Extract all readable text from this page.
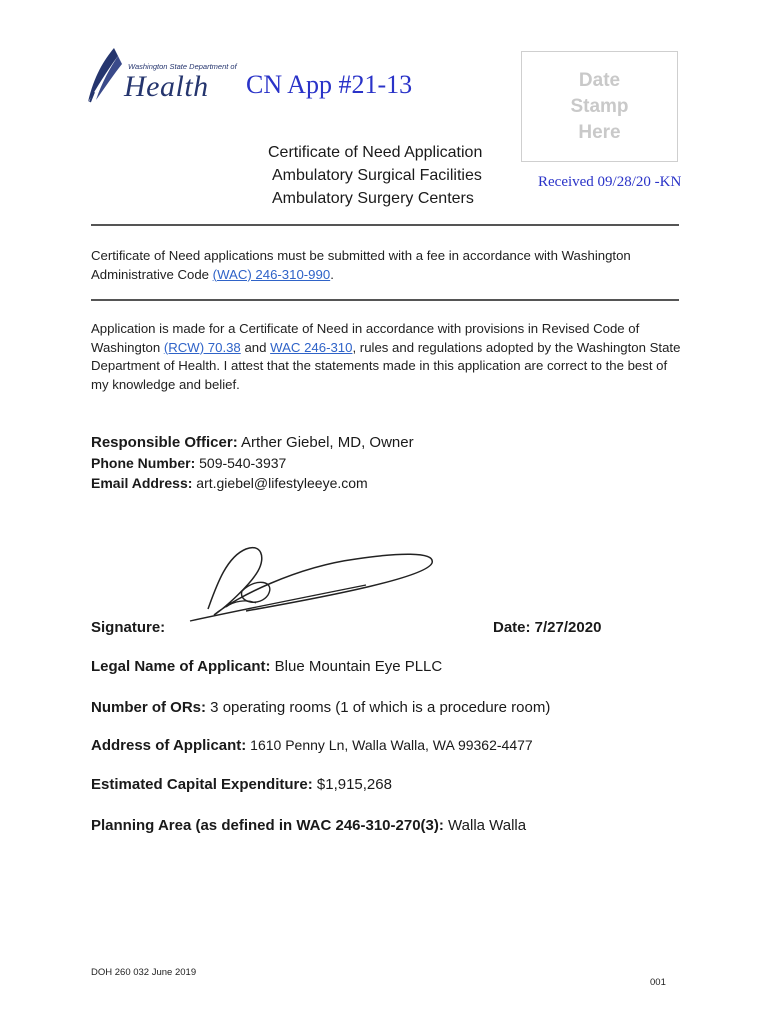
Washington State Department of
Health CN App #21-13	Date
Stamp
Here
Received 09/28/20 -KN
Certificate of Need Application
Ambulatory Surgical Facilities
Ambulatory Surgery Centers
Certificate of Need applications must be submitted with a fee in accordance with Washington Administrative Code (WAC) 246-310-990.
Application is made for a Certificate of Need in accordance with provisions in Revised Code of Washington (RCW) 70.38 and WAC 246-310, rules and regulations adopted by the Washington State Department of Health. I attest that the statements made in this application are correct to the best of my knowledge and belief.
Responsible Officer: Arther Giebel, MD, Owner
Phone Number: 509-540-3937
Email Address: art.giebel@lifestyleeye.com
Signature:	Date: 7/27/2020
Legal Name of Applicant: Blue Mountain Eye PLLC
Number of ORs: 3 operating rooms (1 of which is a procedure room)
Address of Applicant: 1610 Penny Ln, Walla Walla, WA 99362-4477
Estimated Capital Expenditure: $1,915,268
Planning Area (as defined in WAC 246-310-270(3): Walla Walla
DOH 260 032 June 2019
001
